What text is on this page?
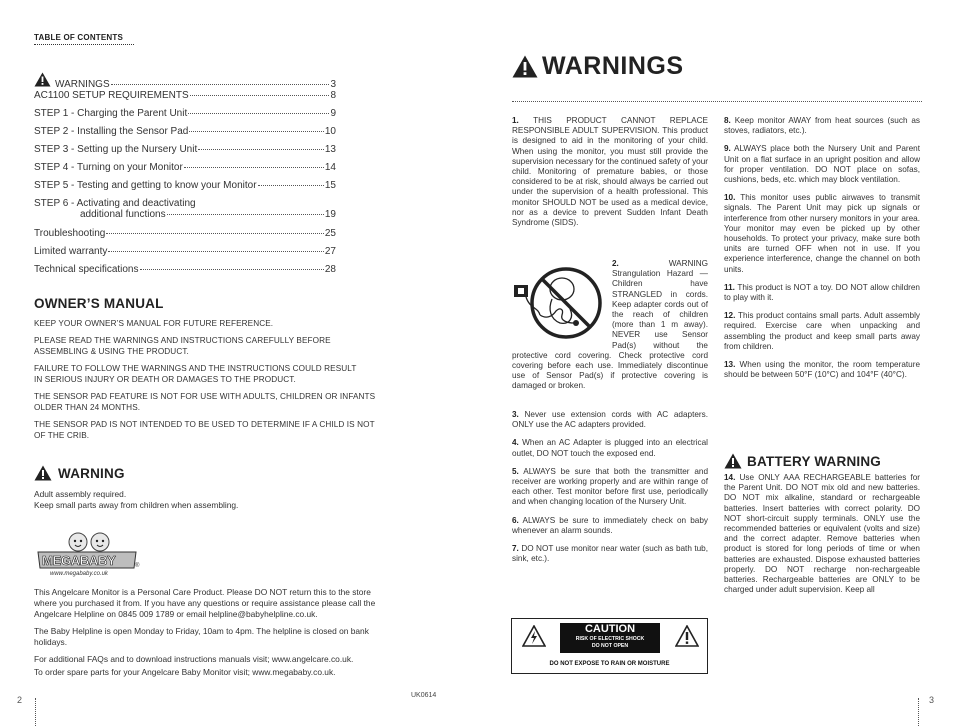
TABLE OF CONTENTS
WARNINGS	3
AC1100 SETUP REQUIREMENTS	8
STEP 1 - Charging the Parent Unit	9
STEP 2 - Installing the Sensor Pad	10
STEP 3 - Setting up the Nursery Unit	13
STEP 4 - Turning on your Monitor	14
STEP 5 - Testing and getting to know your Monitor	15
STEP 6 - Activating and deactivating
additional functions	19
Troubleshooting	25
Limited warranty	27
Technical specifications	28
OWNER’S MANUAL
KEEP YOUR OWNER’S MANUAL FOR FUTURE REFERENCE.
PLEASE READ THE WARNINGS AND INSTRUCTIONS CAREFULLY BEFORE
ASSEMBLING & USING THE PRODUCT.
FAILURE TO FOLLOW THE WARNINGS AND THE INSTRUCTIONS COULD RESULT
IN SERIOUS INJURY OR DEATH OR DAMAGES TO THE PRODUCT.
THE SENSOR PAD FEATURE IS NOT FOR USE WITH ADULTS, CHILDREN OR INFANTS
OLDER THAN 24 MONTHS.
THE SENSOR PAD IS NOT INTENDED TO BE USED TO DETERMINE IF A CHILD IS NOT
OF THE CRIB.
WARNING
Adult assembly required.
Keep small parts away from children when assembling.
MEGABABY	®
www.megababy.co.uk
This Angelcare Monitor is a Personal Care Product. Please DO NOT return this to the store
where you purchased it from. If you have any questions or require assistance please call the
Angelcare Helpline on 0845 009 1789 or email helpline@babyhelpline.co.uk.
The Baby Helpline is open Monday to Friday, 10am to 4pm. The helpline is closed on bank
holidays.
For additional FAQs and to download instructions manuals visit; www.angelcare.co.uk.
To order spare parts for your Angelcare Baby Monitor visit; www.megababy.co.uk.
2	UK0614	3
WARNINGS

1. THIS PRODUCT CANNOT REPLACE RESPONSIBLE ADULT SUPERVISION. This product is designed to aid in the monitoring of your child. When using the monitor, you must still provide the supervision necessary for the continued safety of your child. Monitoring of premature babies, or those considered to be at risk, should always be carried out under the supervision of a health professional. This monitor SHOULD NOT be used as a medical device, nor as a device to prevent Sudden Infant Death Syndrome (SIDS).

2.	WARNING Strangulation Hazard — Children have STRANGLED in cords. Keep adapter cords out of the reach of children (more than 1 m away). NEVER use Sensor Pad(s) without the protective cord covering. Check protective cord covering before each use. Immediately discontinue use of Sensor Pad(s) if protective covering is damaged or broken.

3. Never use extension cords with AC adapters. ONLY use the AC adapters provided.

4. When an AC Adapter is plugged into an electrical outlet, DO NOT touch the exposed end.

5. ALWAYS be sure that both the transmitter and receiver are working properly and are within range of each other. Test monitor before first use, periodically and when changing location of the Nursery Unit.

6. ALWAYS be sure to immediately check on baby whenever an alarm sounds.

7. DO NOT use monitor near water (such as bath tub, sink, etc.).

CAUTION
RISK OF ELECTRIC SHOCK
DO NOT OPEN
DO NOT EXPOSE TO RAIN OR MOISTURE

8. Keep monitor AWAY from heat sources (such as stoves, radiators, etc.).

9. ALWAYS place both the Nursery Unit and Parent Unit on a flat surface in an upright position and allow for proper ventilation. DO NOT place on sofas, cushions, beds, etc. which may block ventilation.

10. This monitor uses public airwaves to transmit signals. The Parent Unit may pick up signals or interference from other nursery monitors in your area. Your monitor may even be picked up by other households. To protect your privacy, make sure both units are turned OFF when not in use. If you experience interference, change the channel on both units.

11. This product is NOT a toy. DO NOT allow children to play with it.

12. This product contains small parts. Adult assembly required. Exercise care when unpacking and assembling the product and keep small parts away from children.

13. When using the monitor, the room temperature should be between 50°F (10°C) and 104°F (40°C).

BATTERY WARNING
14. Use ONLY AAA RECHARGEABLE batteries for the Parent Unit. DO NOT mix old and new batteries. DO NOT mix alkaline, standard or rechargeable batteries. Insert batteries with correct polarity. DO NOT short-circuit supply terminals. ONLY use the recommended batteries or equivalent (volts and size) and the correct adapter. Remove batteries when product is stored for long periods of time or when batteries are exhausted. Dispose exhausted batteries properly. DO NOT recharge non-rechargeable batteries. Rechargeable batteries are ONLY to be charged under adult supervision. Keep all
